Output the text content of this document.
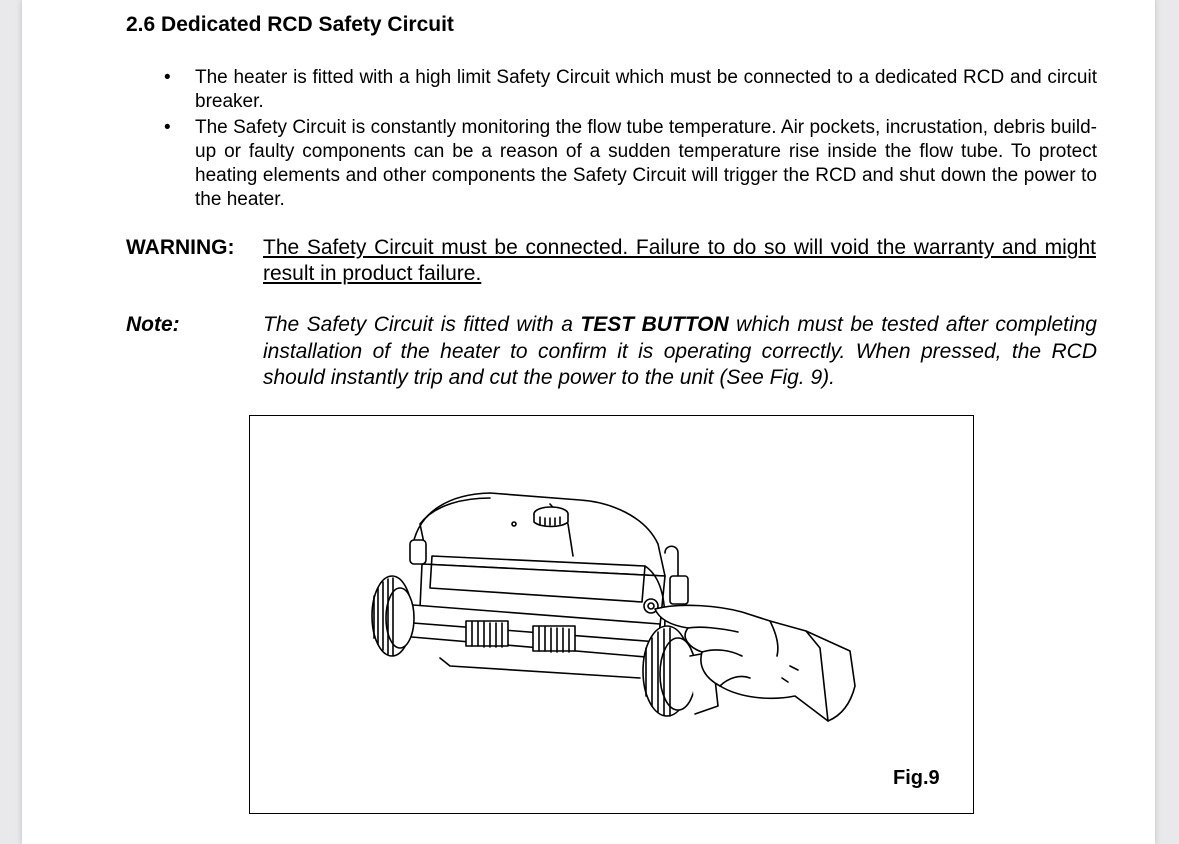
2.6 Dedicated RCD Safety Circuit

• The heater is fitted with a high limit Safety Circuit which must be connected to a dedicated RCD and circuit breaker.

• The Safety Circuit is constantly monitoring the flow tube temperature. Air pockets, incrustation, debris build-up or faulty components can be a reason of a sudden temperature rise inside the flow tube. To protect heating elements and other components the Safety Circuit will trigger the RCD and shut down the power to the heater.

WARNING: The Safety Circuit must be connected. Failure to do so will void the warranty and might result in product failure.
Note:	The Safety Circuit is fitted with a TEST BUTTON which must be tested after completing installation of the heater to confirm it is operating correctly. When pressed, the RCD should instantly trip and cut the power to the unit (See Fig. 9).
Fig.9
